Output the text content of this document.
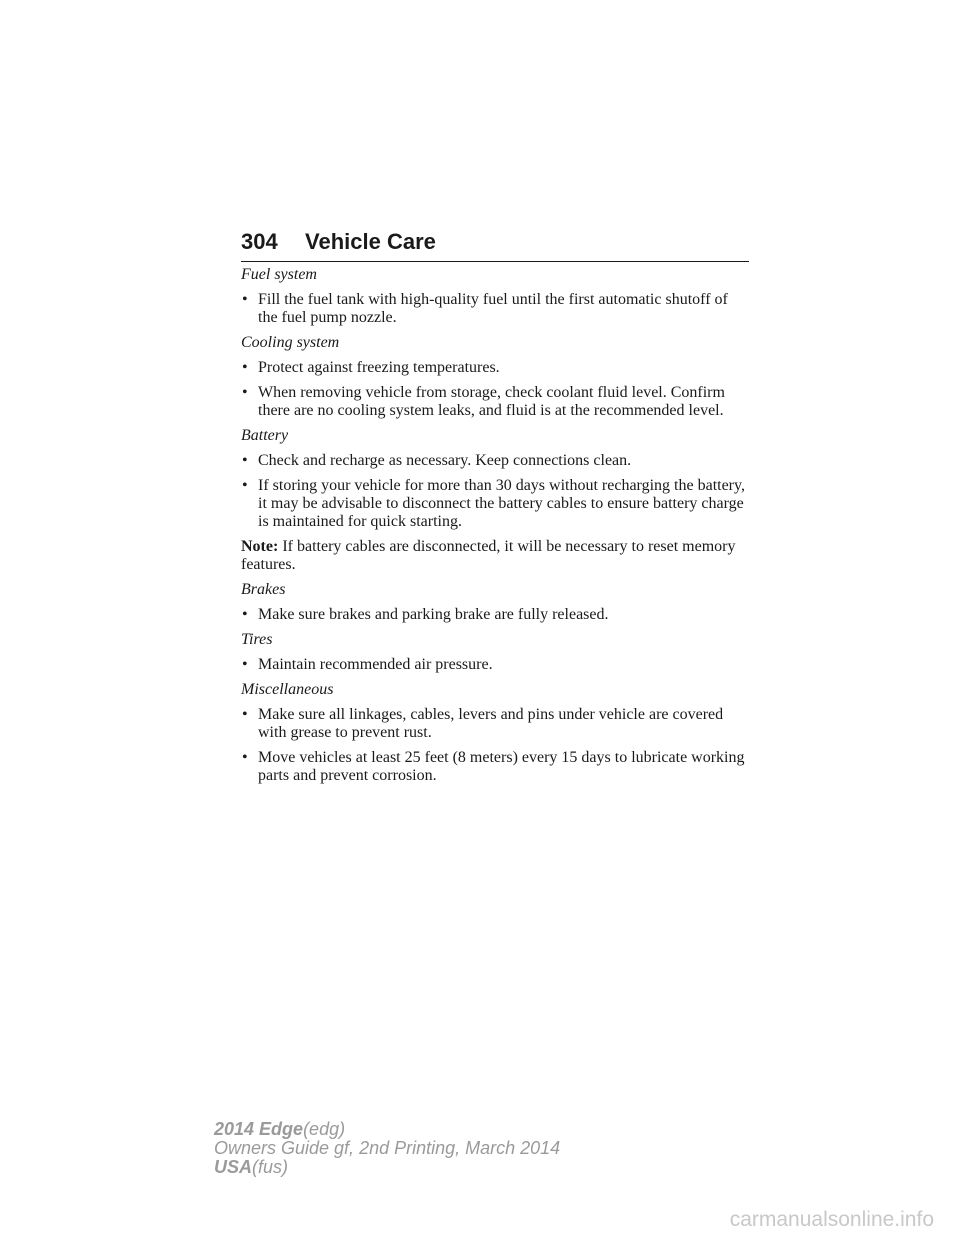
304 Vehicle Care
Fuel system
• Fill the fuel tank with high-quality fuel until the first automatic shutoff of the fuel pump nozzle.
Cooling system
• Protect against freezing temperatures.
• When removing vehicle from storage, check coolant fluid level. Confirm there are no cooling system leaks, and fluid is at the recommended level.
Battery
• Check and recharge as necessary. Keep connections clean.
• If storing your vehicle for more than 30 days without recharging the battery, it may be advisable to disconnect the battery cables to ensure battery charge is maintained for quick starting.
Note: If battery cables are disconnected, it will be necessary to reset memory features.
Brakes
• Make sure brakes and parking brake are fully released.
Tires
• Maintain recommended air pressure.
Miscellaneous
• Make sure all linkages, cables, levers and pins under vehicle are covered with grease to prevent rust.
• Move vehicles at least 25 feet (8 meters) every 15 days to lubricate working parts and prevent corrosion.
2014 Edge(edg)
Owners Guide gf, 2nd Printing, March 2014
USA(fus)
carmanualsonline.info
